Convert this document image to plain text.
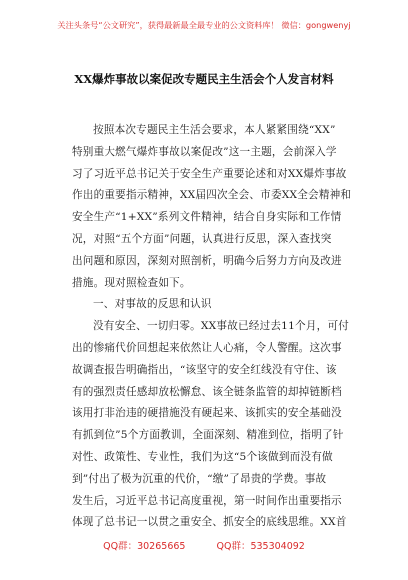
关注头条号“公文研究”，获得最新最全最专业的公文资料库！ 微信：gongwenyj
XX爆炸事故以案促改专题民主生活会个人发言材料
按照本次专题民主生活会要求，本人紧紧围绕“XX”
特别重大燃气爆炸事故以案促改”这一主题，会前深入学
习了习近平总书记关于安全生产重要论述和对XX爆炸事故
作出的重要指示精神，XX届四次全会、市委XX全会精神和
安全生产“1+XX”系列文件精神，结合自身实际和工作情
况，对照“五个方面”问题，认真进行反思，深入查找突
出问题和原因，深刻对照剖析，明确今后努力方向及改进
措施。现对照检查如下。
一、对事故的反思和认识
没有安全、一切归零。XX事故已经过去11个月，可付
出的惨痛代价回想起来依然让人心痛，令人警醒。这次事
故调查报告明确指出，“该坚守的安全红线没有守住、该
有的强烈责任感却放松懈怠、该全链条监管的却掉链断档
该用打非治违的硬措施没有硬起来、该抓实的安全基础没
有抓到位”5个方面教训，全面深刻、精准到位，指明了针
对性、政策性、专业性，我们为这“5个该做到而没有做
到”付出了极为沉重的代价，“缴”了昂贵的学费。事故
发生后，习近平总书记高度重视，第一时间作出重要指示
体现了总书记一以贯之重安全、抓安全的底线思维。XX首
QQ群：30265665	QQ群：535304092
